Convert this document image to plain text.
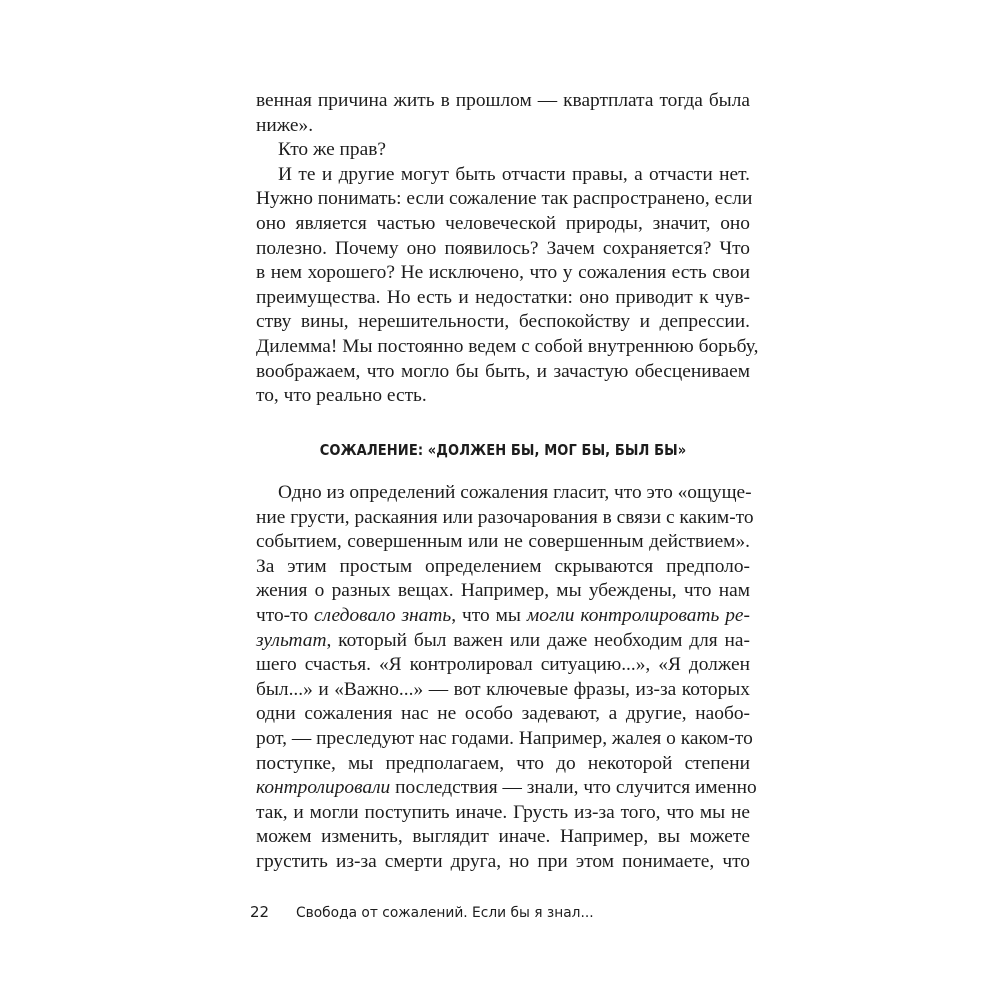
венная причина жить в прошлом — квартплата тогда была
ниже».
Кто же прав?
И те и другие могут быть отчасти правы, а отчасти нет.
Нужно понимать: если сожаление так распространено, если
оно является частью человеческой природы, значит, оно
полезно. Почему оно появилось? Зачем сохраняется? Что
в нем хорошего? Не исключено, что у сожаления есть свои
преимущества. Но есть и недостатки: оно приводит к чув-
ству вины, нерешительности, беспокойству и депрессии.
Дилемма! Мы постоянно ведем с собой внутреннюю борьбу,
воображаем, что могло бы быть, и зачастую обесцениваем
то, что реально есть.
СОЖАЛЕНИЕ: «ДОЛЖЕН БЫ, МОГ БЫ, БЫЛ БЫ»
Одно из определений сожаления гласит, что это «ощуще-
ние грусти, раскаяния или разочарования в связи с каким-то
событием, совершенным или не совершенным действием».
За этим простым определением скрываются предполо-
жения о разных вещах. Например, мы убеждены, что нам
что-то следовало знать, что мы могли контролировать ре-
зультат, который был важен или даже необходим для на-
шего счастья. «Я контролировал ситуацию...», «Я должен
был...» и «Важно...» — вот ключевые фразы, из-за которых
одни сожаления нас не особо задевают, а другие, наобо-
рот, — преследуют нас годами. Например, жалея о каком-то
поступке, мы предполагаем, что до некоторой степени
контролировали последствия — знали, что случится именно
так, и могли поступить иначе. Грусть из-за того, что мы не
можем изменить, выглядит иначе. Например, вы можете
грустить из-за смерти друга, но при этом понимаете, что
22 Свобода от сожалений. Если бы я знал...
